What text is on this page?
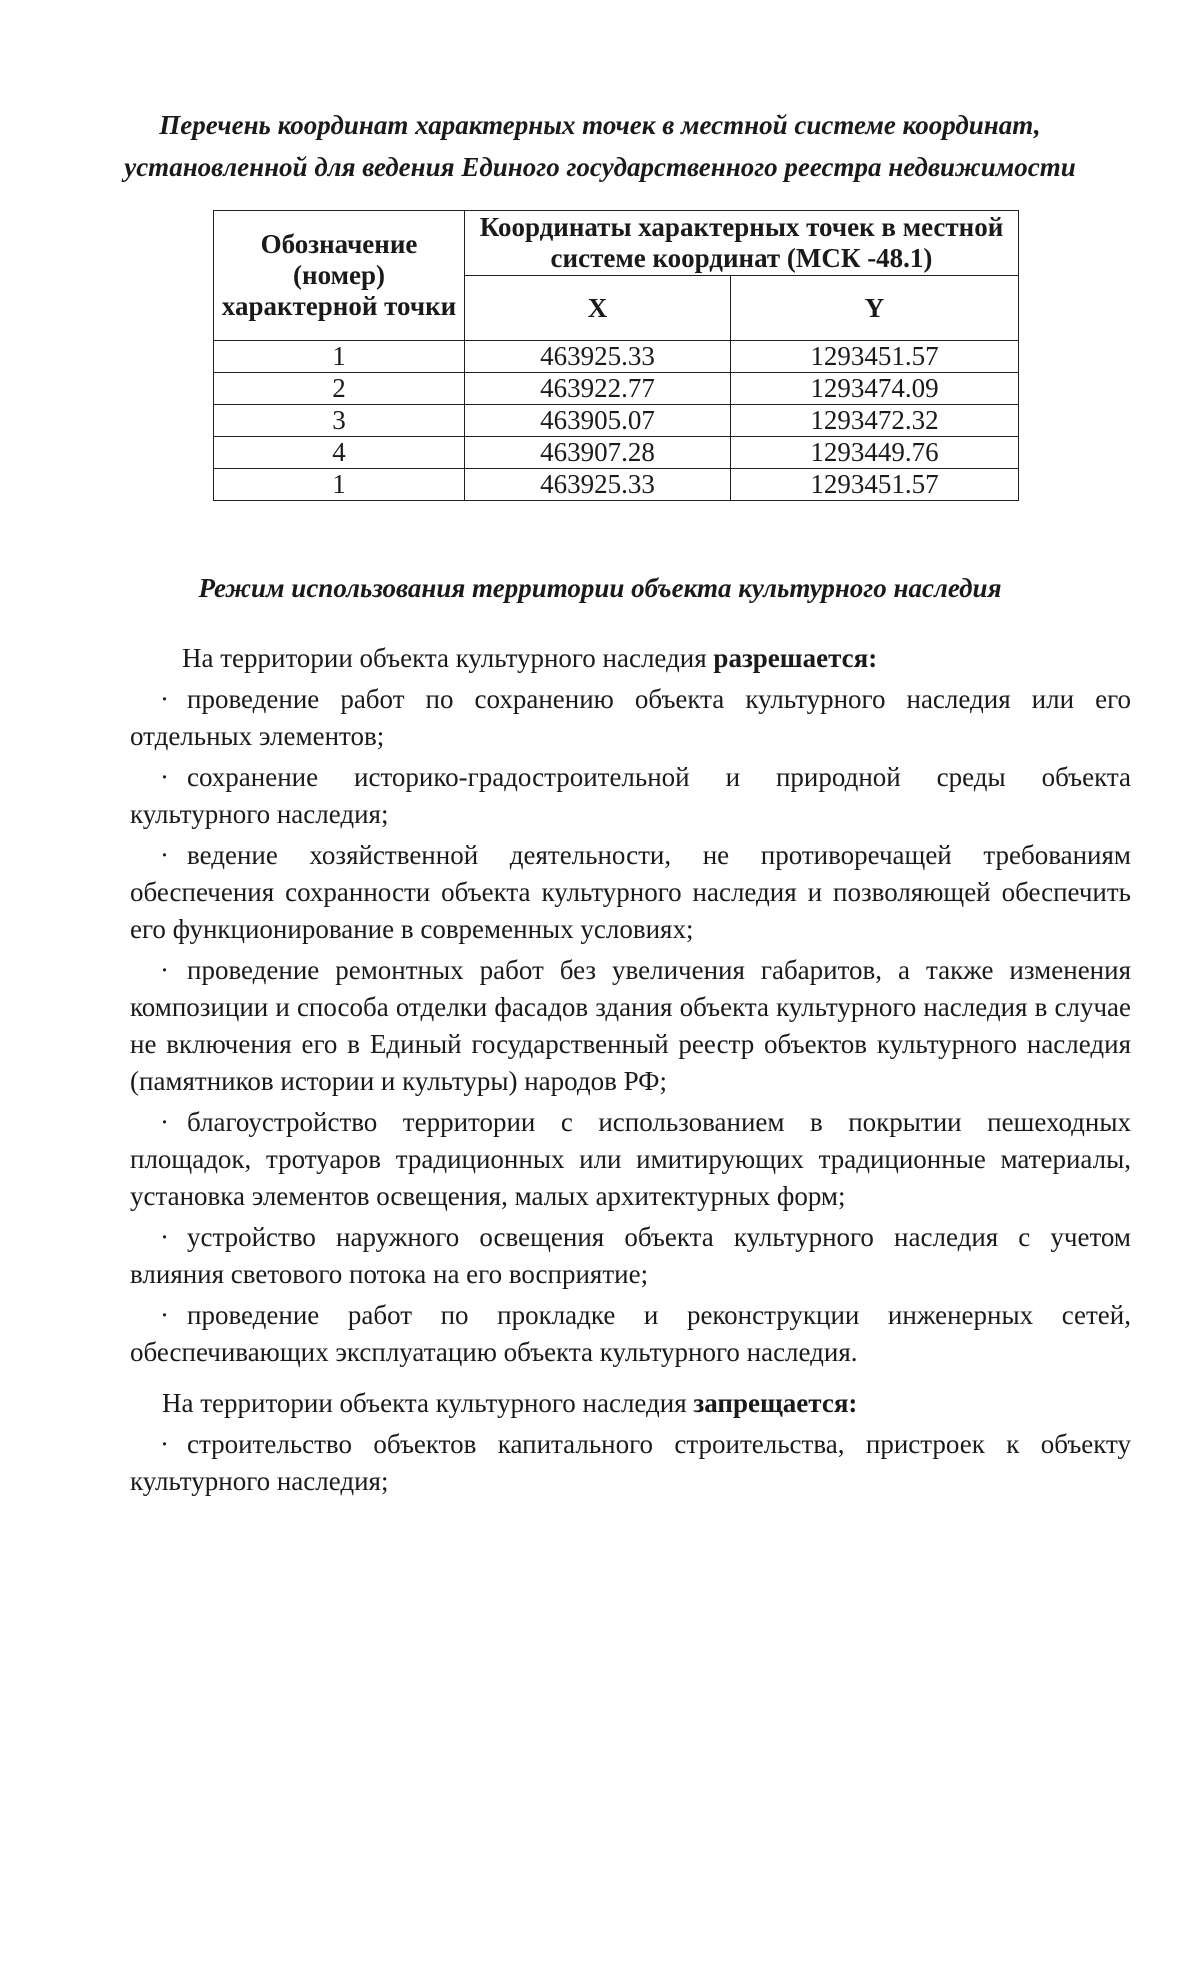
Перечень координат характерных точек в местной системе координат,
установленной для ведения Единого государственного реестра недвижимости
Обозначение (номер) характерной точки	Координаты характерных точек в местной системе координат (МСК -48.1)	
	X	Y
1	463925.33	1293451.57
2	463922.77	1293474.09
3	463905.07	1293472.32
4	463907.28	1293449.76
1	463925.33	1293451.57
Режим использования территории объекта культурного наследия

На территории объекта культурного наследия разрешается:

· проведение работ по сохранению объекта культурного наследия или его отдельных элементов;

· сохранение историко-градостроительной и природной среды объекта культурного наследия;

· ведение хозяйственной деятельности, не противоречащей требованиям обеспечения сохранности объекта культурного наследия и позволяющей обеспечить его функционирование в современных условиях;

· проведение ремонтных работ без увеличения габаритов, а также изменения композиции и способа отделки фасадов здания объекта культурного наследия в случае не включения его в Единый государственный реестр объектов культурного наследия (памятников истории и культуры) народов РФ;

· благоустройство территории с использованием в покрытии пешеходных площадок, тротуаров традиционных или имитирующих традиционные материалы, установка элементов освещения, малых архитектурных форм;

· устройство наружного освещения объекта культурного наследия с учетом влияния светового потока на его восприятие;

· проведение работ по прокладке и реконструкции инженерных сетей, обеспечивающих эксплуатацию объекта культурного наследия.

На территории объекта культурного наследия запрещается:

· строительство объектов капитального строительства, пристроек к объекту культурного наследия;
